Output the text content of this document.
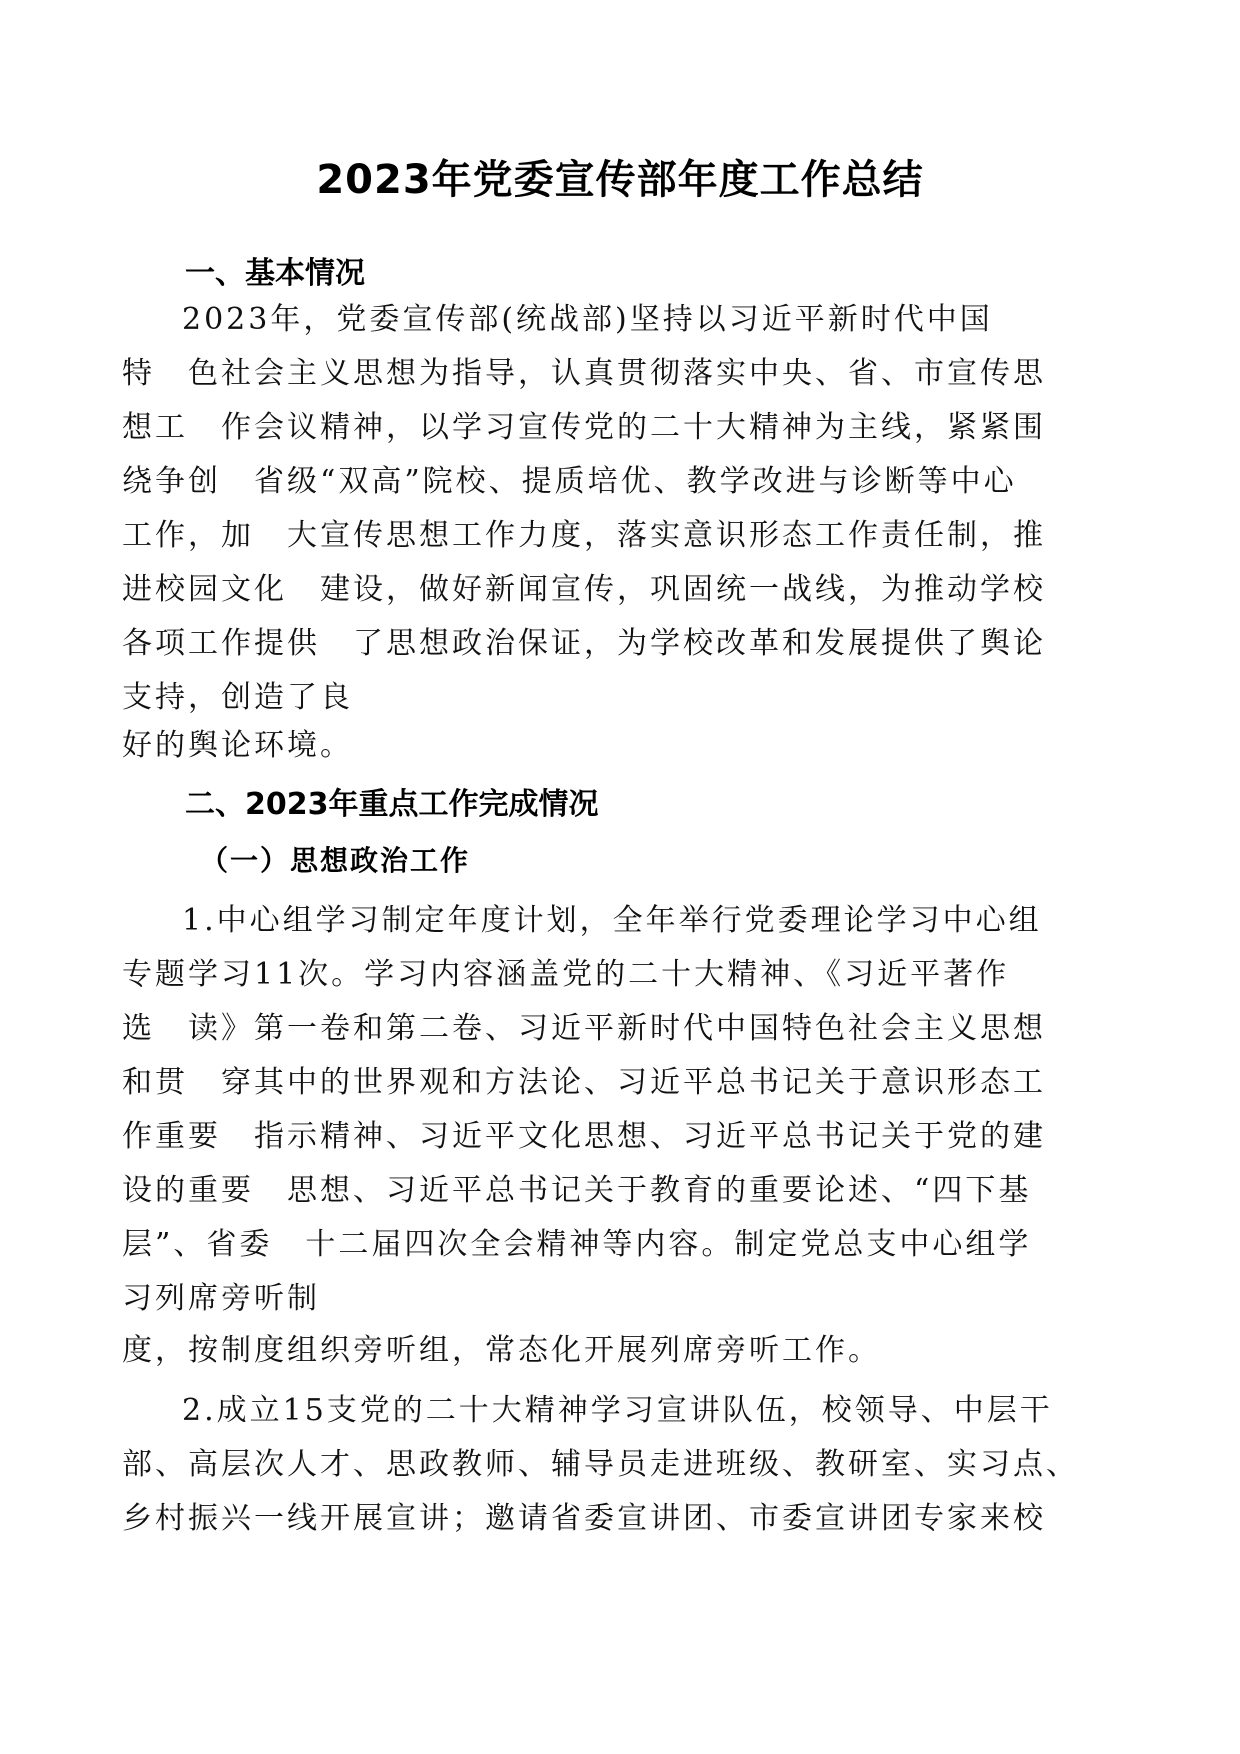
2023年党委宣传部年度工作总结
一、基本情况
2023年，党委宣传部(统战部)坚持以习近平新时代中国
特　色社会主义思想为指导，认真贯彻落实中央、省、市宣传思
想工　作会议精神，以学习宣传党的二十大精神为主线，紧紧围
绕争创　省级“双高”院校、提质培优、教学改进与诊断等中心
工作，加　大宣传思想工作力度，落实意识形态工作责任制，推
进校园文化　建设，做好新闻宣传，巩固统一战线，为推动学校
各项工作提供　了思想政治保证，为学校改革和发展提供了舆论
支持，创造了良
好的舆论环境。
二、2023年重点工作完成情况
（一）思想政治工作
1.中心组学习制定年度计划，全年举行党委理论学习中心组
专题学习11次。学习内容涵盖党的二十大精神、《习近平著作
选　读》第一卷和第二卷、习近平新时代中国特色社会主义思想
和贯　穿其中的世界观和方法论、习近平总书记关于意识形态工
作重要　指示精神、习近平文化思想、习近平总书记关于党的建
设的重要　思想、习近平总书记关于教育的重要论述、“四下基
层”、省委　十二届四次全会精神等内容。制定党总支中心组学
习列席旁听制
度，按制度组织旁听组，常态化开展列席旁听工作。
2.成立15支党的二十大精神学习宣讲队伍，校领导、中层干
部、高层次人才、思政教师、辅导员走进班级、教研室、实习点、
乡村振兴一线开展宣讲；邀请省委宣讲团、市委宣讲团专家来校
